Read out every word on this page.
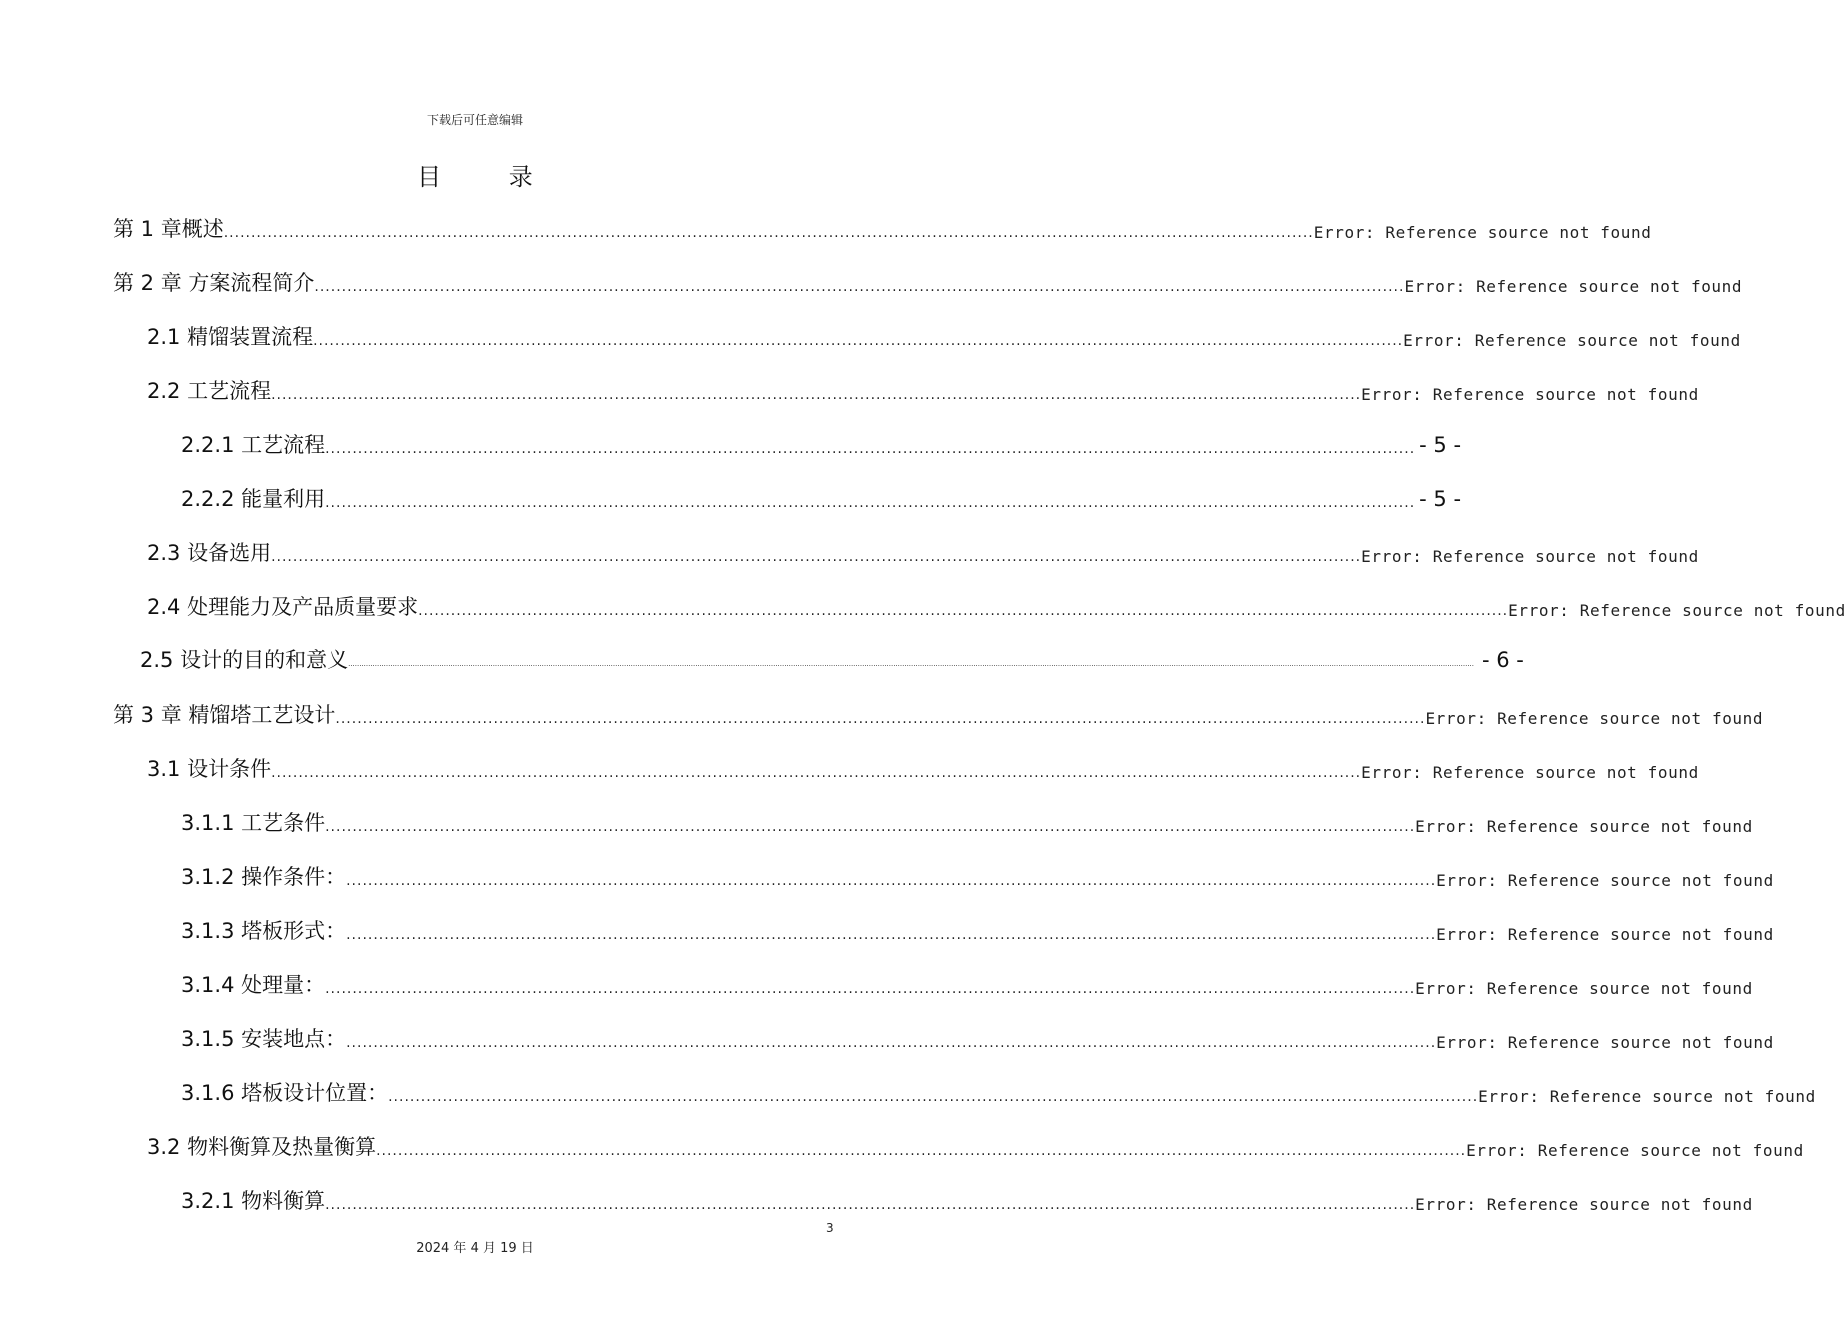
下载后可任意编辑
目 录
第 1 章概述 ........................................................................................................................................................................................................ Error: Reference source not found
第 2 章 方案流程简介 ........................................................................................................................................................................................................ Error: Reference source not found
2.1 精馏装置流程 ........................................................................................................................................................................................................ Error: Reference source not found
2.2 工艺流程 ........................................................................................................................................................................................................ Error: Reference source not found
2.2.1 工艺流程 ........................................................................................................................................................................................................ - 5 -
2.2.2 能量利用 ........................................................................................................................................................................................................ - 5 -
2.3 设备选用 ........................................................................................................................................................................................................ Error: Reference source not found
2.4 处理能力及产品质量要求 ........................................................................................................................................................................................................ Error: Reference source not found
2.5 设计的目的和意义 .......................................................................................................................................................................................................................................................................................................................................................................................................................................................................................................................... - 6 -
第 3 章 精馏塔工艺设计 ........................................................................................................................................................................................................ Error: Reference source not found
3.1 设计条件 ........................................................................................................................................................................................................ Error: Reference source not found
3.1.1 工艺条件 ........................................................................................................................................................................................................ Error: Reference source not found
3.1.2 操作条件： ........................................................................................................................................................................................................ Error: Reference source not found
3.1.3 塔板形式： ........................................................................................................................................................................................................ Error: Reference source not found
3.1.4 处理量： ........................................................................................................................................................................................................ Error: Reference source not found
3.1.5 安装地点： ........................................................................................................................................................................................................ Error: Reference source not found
3.1.6 塔板设计位置： ........................................................................................................................................................................................................ Error: Reference source not found
3.2 物料衡算及热量衡算 ........................................................................................................................................................................................................ Error: Reference source not found
3.2.1 物料衡算 ........................................................................................................................................................................................................ Error: Reference source not found
3
2024 年 4 月 19 日
